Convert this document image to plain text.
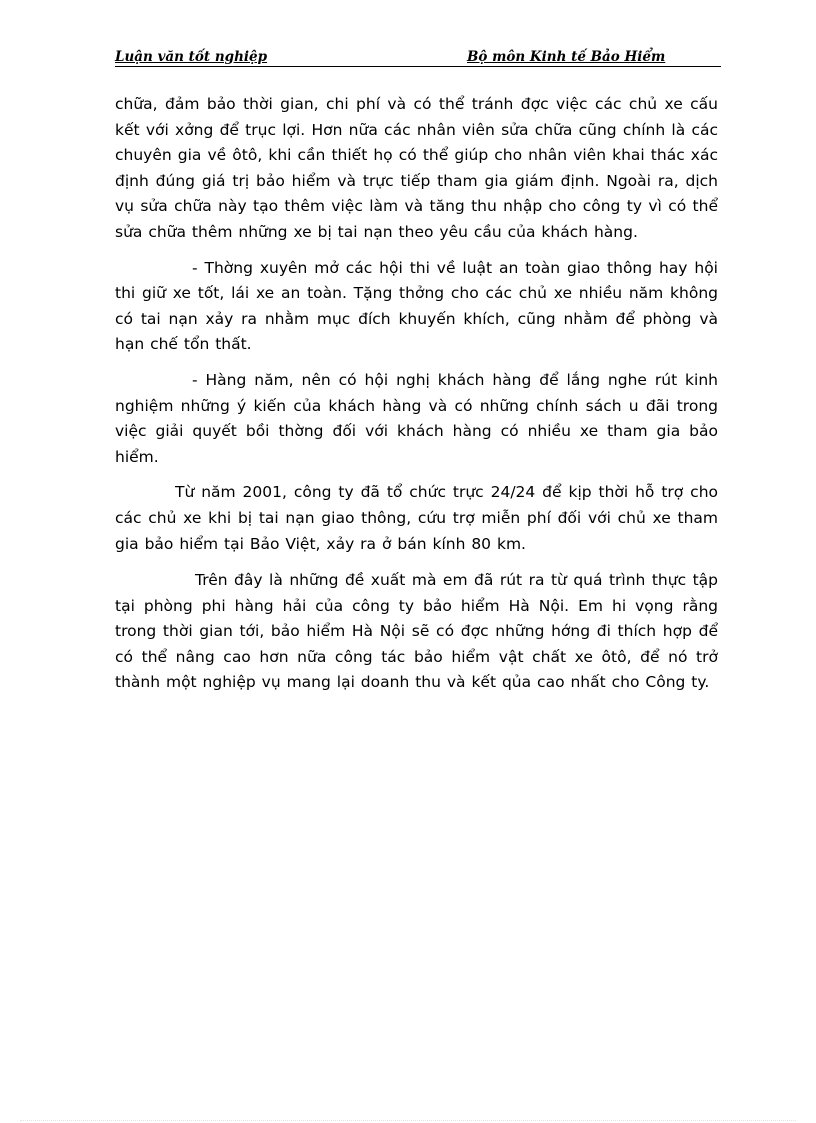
Luận văn tốt nghiệp	Bộ môn Kinh tế Bảo Hiểm

chữa, đảm bảo thời gian, chi phí và có thể tránh đợc việc các chủ xe cấu kết với xởng để trục lợi. Hơn nữa các nhân viên sửa chữa cũng chính là các chuyên gia về ôtô, khi cần thiết họ có thể giúp cho nhân viên khai thác xác định đúng giá trị bảo hiểm và trực tiếp tham gia giám định. Ngoài ra, dịch vụ sửa chữa này tạo thêm việc làm và tăng thu nhập cho công ty vì có thể sửa chữa thêm những xe bị tai nạn theo yêu cầu của khách hàng.

- Thờng xuyên mở các hội thi về luật an toàn giao thông hay hội thi giữ xe tốt, lái xe an toàn. Tặng thởng cho các chủ xe nhiều năm không có tai nạn xảy ra nhằm mục đích khuyến khích, cũng nhằm để phòng và hạn chế tổn thất.

- Hàng năm, nên có hội nghị khách hàng để lắng nghe rút kinh nghiệm những ý kiến của khách hàng và có những chính sách u đãi trong việc giải quyết bồi thờng đối với khách hàng có nhiều xe tham gia bảo hiểm.

Từ năm 2001, công ty đã tổ chức trực 24/24 để kịp thời hỗ trợ cho các chủ xe khi bị tai nạn giao thông, cứu trợ miễn phí đối với chủ xe tham gia bảo hiểm tại Bảo Việt, xảy ra ở bán kính 80 km.

Trên đây là những đề xuất mà em đã rút ra từ quá trình thực tập tại phòng phi hàng hải của công ty bảo hiểm Hà Nội. Em hi vọng rằng trong thời gian tới, bảo hiểm Hà Nội sẽ có đợc những hớng đi thích hợp để có thể nâng cao hơn nữa công tác bảo hiểm vật chất xe ôtô, để nó trở thành một nghiệp vụ mang lại doanh thu và kết qủa cao nhất cho Công ty.
